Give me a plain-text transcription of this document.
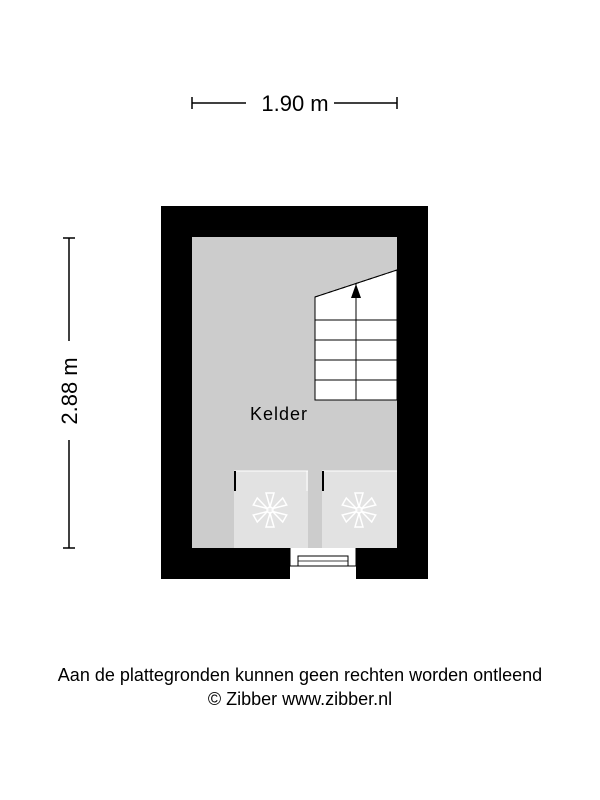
1.90 m
2.88 m	Kelder
Aan de plattegronden kunnen geen rechten worden ontleend
© Zibber www.zibber.nl
